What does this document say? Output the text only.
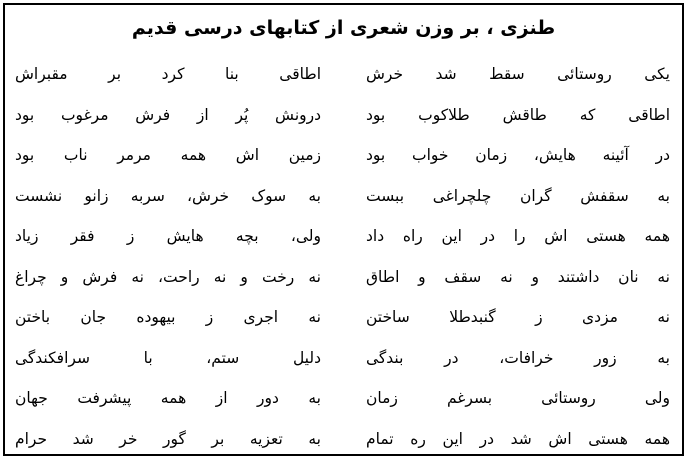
طنزی ، بر وزن شعری از کتابهای درسی قدیم
یکی روستائی سقط شد خرش
اطاقی بنا کرد بر مقبراش
اطاقی که طاقش طلاکوب بود
درونش پُر از فرش مرغوب بود
در آئینه هایش، زمان خواب بود
زمین اش همه مرمر ناب بود
به سقفش گران چلچراغی ببست
به سوک خرش، سربه زانو نشست
همه هستی اش را در این راه داد
ولی، بچه هایش ز فقر زیاد
نه نان داشتند و نه سقف و اطاق
نه رخت و نه راحت، نه فرش و چراغ
نه مزدی ز گنبدطلا ساختن
نه اجری ز بیهوده جان باختن
به زور خرافات، در بندگی
دلیل ستم، با سرافکندگی
ولی روستائی بسرغم زمان
به دور از همه پیشرفت جهان
همه هستی اش شد در این ره تمام
به تعزیه بر گور خر شد حرام
